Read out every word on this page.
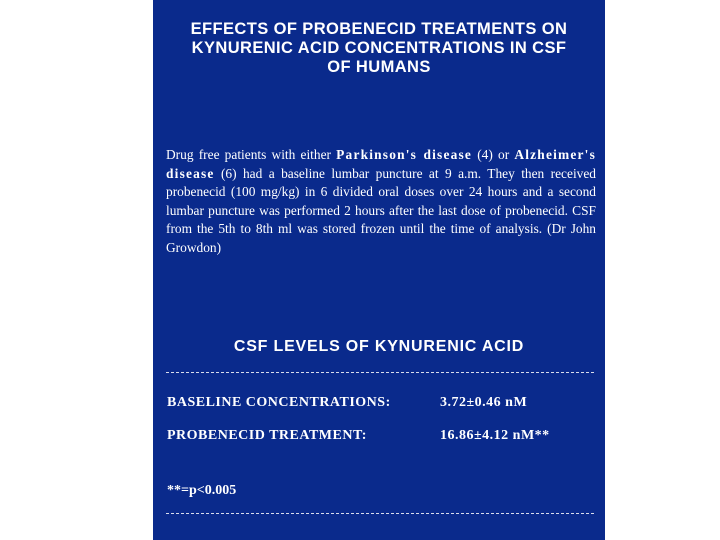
EFFECTS OF PROBENECID TREATMENTS ON
KYNURENIC ACID CONCENTRATIONS IN CSF
OF HUMANS
Drug free patients with either Parkinson's disease (4) or Alzheimer's disease (6) had a baseline lumbar puncture at 9 a.m. They then received probenecid (100 mg/kg) in 6 divided oral doses over 24 hours and a second lumbar puncture was performed 2 hours after the last dose of probenecid. CSF from the 5th to 8th ml was stored frozen until the time of analysis. (Dr John Growdon)
CSF LEVELS OF KYNURENIC ACID
BASELINE CONCENTRATIONS:	3.72±0.46 nM
PROBENECID TREATMENT:	16.86±4.12 nM**
**=p<0.005
